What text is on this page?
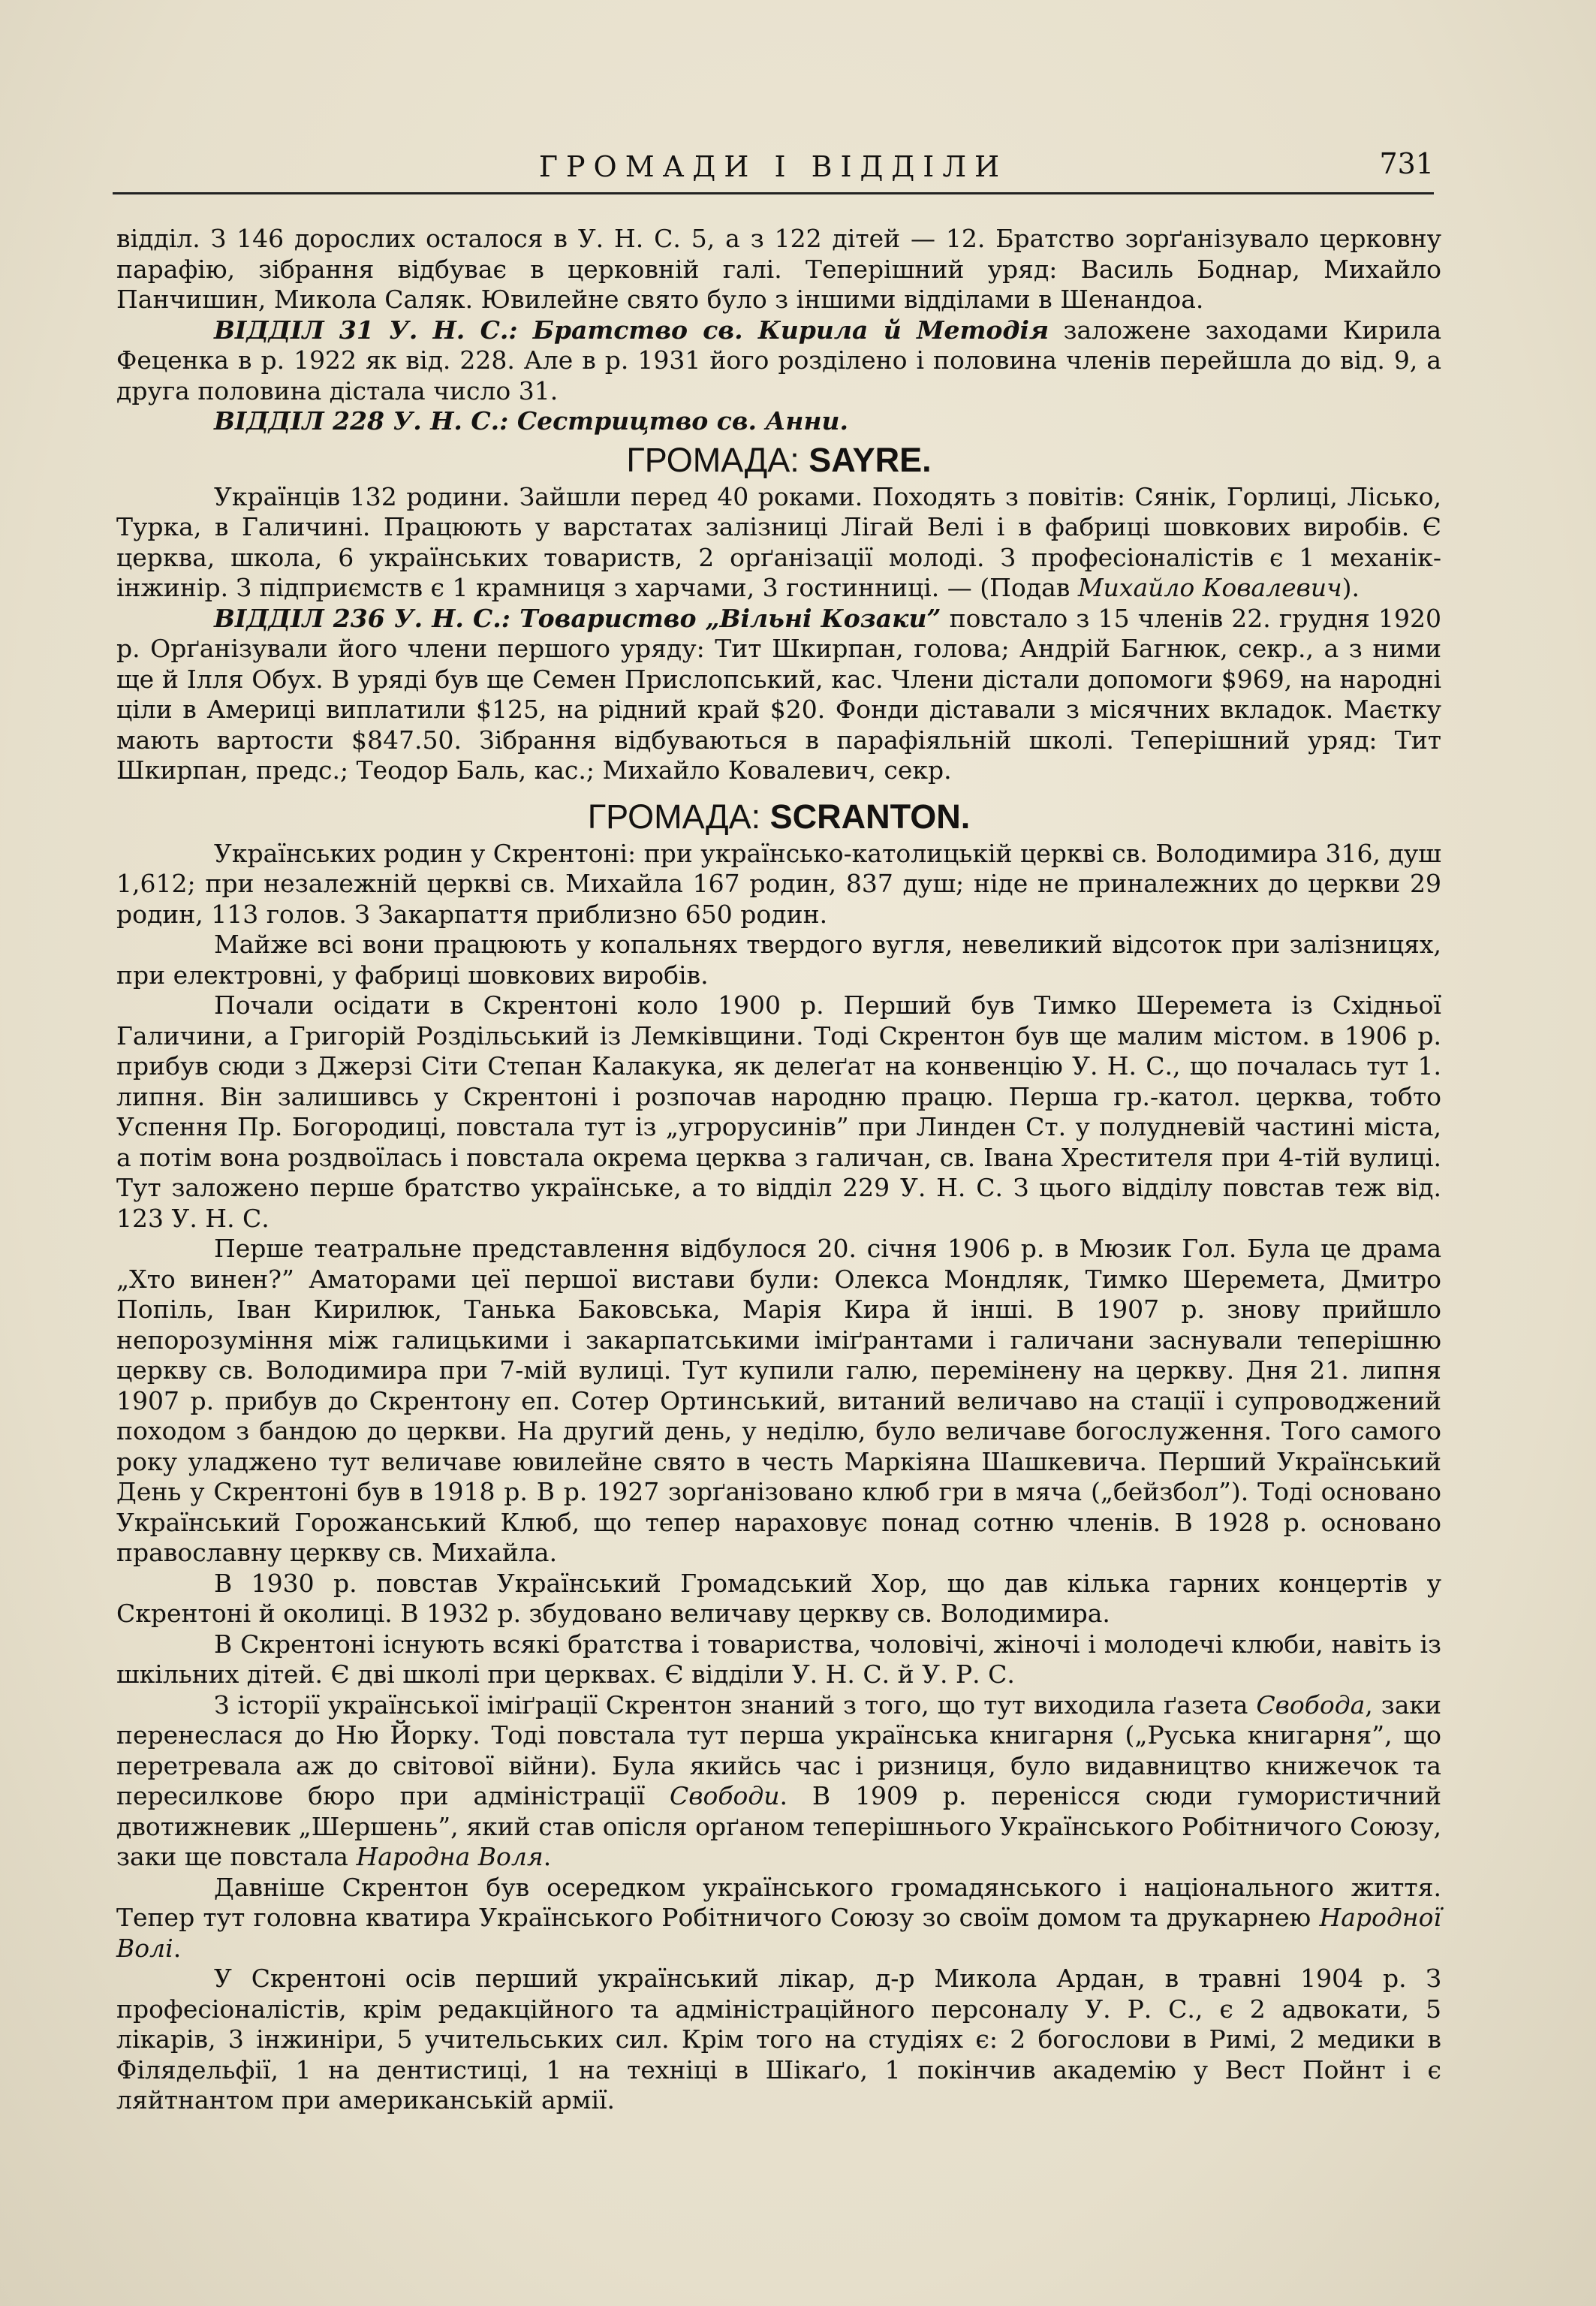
ГРОМАДИ І ВІДДІЛИ	731

відділ. З 146 дорослих осталося в У. Н. С. 5, а з 122 дітей — 12. Братство зорґанізувало церковну парафію, зібрання відбуває в церковній галі. Теперішний уряд: Василь Боднар, Михайло Панчишин, Микола Саляк. Ювилейне свято було з іншими відділами в Шенандоа.

ВІДДІЛ 31 У. Н. С.: Братство св. Кирила й Методія заложене заходами Кирила Феценка в р. 1922 як від. 228. Але в р. 1931 його розділено і половина членів перейшла до від. 9, а друга половина дістала число 31.

ВІДДІЛ 228 У. Н. С.: Сестрицтво св. Анни.

ГРОМАДА: SAYRE.

Українців 132 родини. Зайшли перед 40 роками. Походять з повітів: Сянік, Горлиці, Лісько, Турка, в Галичині. Працюють у варстатах залізниці Лігай Велі і в фабриці шовкових виробів. Є церква, школа, 6 українських товариств, 2 орґанізації молоді. З професіоналістів є 1 механік-інжинір. З підприємств є 1 крамниця з харчами, 3 гостинниці. — (Подав Михайло Ковалевич).

ВІДДІЛ 236 У. Н. С.: Товариство „Вільні Козаки” повстало з 15 членів 22. грудня 1920 р. Орґанізували його члени першого уряду: Тит Шкирпан, голова; Андрій Багнюк, секр., а з ними ще й Ілля Обух. В уряді був ще Семен Прислопський, кас. Члени дістали допомоги $969, на народні ціли в Америці виплатили $125, на рідний край $20. Фонди діставали з місячних вкладок. Маєтку мають вартости $847.50. Зібрання відбуваються в парафіяльній школі. Теперішний уряд: Тит Шкирпан, предс.; Теодор Баль, кас.; Михайло Ковалевич, секр.

ГРОМАДА: SCRANTON.

Українських родин у Скрентоні: при українсько-католицькій церкві св. Володимира 316, душ 1,612; при незалежній церкві св. Михайла 167 родин, 837 душ; ніде не приналежних до церкви 29 родин, 113 голов. З Закарпаття приблизно 650 родин.

Майже всі вони працюють у копальнях твердого вугля, невеликий відсоток при залізницях, при електровні, у фабриці шовкових виробів.

Почали осідати в Скрентоні коло 1900 р. Перший був Тимко Шеремета із Східньої Галичини, а Григорій Роздільський із Лемківщини. Тоді Скрентон був ще малим містом. в 1906 р. прибув сюди з Джерзі Сіти Степан Калакука, як делеґат на конвенцію У. Н. С., що почалась тут 1. липня. Він залишивсь у Скрентоні і розпочав народню працю. Перша гр.-катол. церква, тобто Успення Пр. Богородиці, повстала тут із „угрорусинів” при Линден Ст. у полудневій частині міста, а потім вона роздвоїлась і повстала окрема церква з галичан, св. Івана Хрестителя при 4-тій вулиці. Тут заложено перше братство українське, а то відділ 229 У. Н. С. З цього відділу повстав теж від. 123 У. Н. С.

Перше театральне представлення відбулося 20. січня 1906 р. в Мюзик Гол. Була це драма „Хто винен?” Аматорами цеї першої вистави були: Олекса Мондляк, Тимко Шеремета, Дмитро Попіль, Іван Кирилюк, Танька Баковська, Марія Кира й інші. В 1907 р. знову прийшло непорозуміння між галицькими і закарпатськими іміґрантами і галичани заснували теперішню церкву св. Володимира при 7-мій вулиці. Тут купили галю, перемінену на церкву. Дня 21. липня 1907 р. прибув до Скрентону еп. Сотер Ортинський, витаний величаво на стації і супроводжений походом з бандою до церкви. На другий день, у неділю, було величаве богослуження. Того самого року уладжено тут величаве ювилейне свято в честь Маркіяна Шашкевича. Перший Український День у Скрентоні був в 1918 р. В р. 1927 зорґанізовано клюб гри в мяча („бейзбол”). Тоді основано Український Горожанський Клюб, що тепер нараховує понад сотню членів. В 1928 р. основано православну церкву св. Михайла.

В 1930 р. повстав Український Громадський Хор, що дав кілька гарних концертів у Скрентоні й околиці. В 1932 р. збудовано величаву церкву св. Володимира.

В Скрентоні існують всякі братства і товариства, чоловічі, жіночі і молодечі клюби, навіть із шкільних дітей. Є дві школі при церквах. Є відділи У. Н. С. й У. Р. С.

З історії української іміґрації Скрентон знаний з того, що тут виходила ґазета Свобода, заки перенеслася до Ню Йорку. Тоді повстала тут перша українська книгарня („Руська книгарня”, що перетревала аж до світової війни). Була якийсь час і ризниця, було видавництво книжечок та пересилкове бюро при адміністрації Свободи. В 1909 р. перенісся сюди гумористичний двотижневик „Шершень”, який став опісля орґаном теперішнього Українського Робітничого Союзу, заки ще повстала Народна Воля.

Давніше Скрентон був осередком українського громадянського і національного життя. Тепер тут головна кватира Українського Робітничого Союзу зо своїм домом та друкарнею Народної Волі.

У Скрентоні осів перший український лікар, д-р Микола Ардан, в травні 1904 р. З професіоналістів, крім редакційного та адміністраційного персоналу У. Р. С., є 2 адвокати, 5 лікарів, 3 інжиніри, 5 учительських сил. Крім того на студіях є: 2 богослови в Римі, 2 медики в Філядельфії, 1 на дентистиці, 1 на техніці в Шікаґо, 1 покінчив академію у Вест Пойнт і є ляйтнантом при американській армії.
